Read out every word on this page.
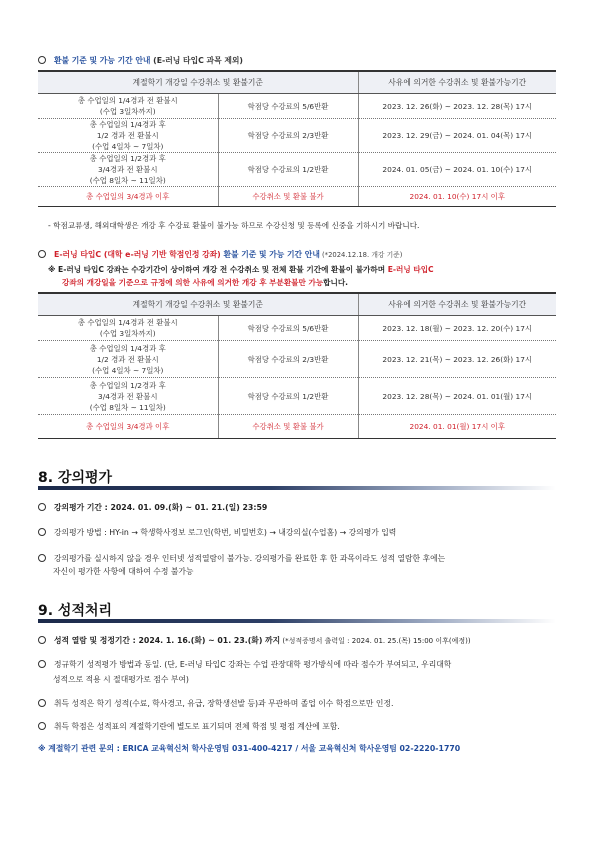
환불 기준 및 가능 기간 안내 (E-러닝 타입C 과목 제외)
계절학기 개강일 수강취소 및 환불기준		사유에 의거한 수강취소 및 환불가능기간

총 수업일의 1/4경과 전 환불시
(수업 3일차까지)	학점당 수강료의 5/6반환	2023. 12. 26(화) ~ 2023. 12. 28(목) 17시

총 수업일의 1/4경과 후
1/2 경과 전 환불시
(수업 4일차 ~ 7일차)	학점당 수강료의 2/3반환	2023. 12. 29(금) ~ 2024. 01. 04(목) 17시

총 수업일의 1/2경과 후
3/4경과 전 환불시
(수업 8일차 ~ 11일차)	학점당 수강료의 1/2반환	2024. 01. 05(금) ~ 2024. 01. 10(수) 17시
총 수업일의 3/4경과 이후	수강취소 및 환불 불가	2024. 01. 10(수) 17시 이후
- 학점교류생, 해외대학생은 개강 후 수강료 환불이 불가능 하므로 수강신청 및 등록에 신중을 기하시기 바랍니다.
E-러닝 타입C (대학 e-러닝 기반 학점인정 강좌) 환불 기준 및 가능 기간 안내 (*2024.12.18. 개강 기준)
※ E-러닝 타입C 강좌는 수강기간이 상이하여 개강 전 수강취소 및 전체 환불 기간에 환불이 불가하며 E-러닝 타입C
강좌의 개강일을 기준으로 규정에 의한 사유에 의거한 개강 후 부분환불만 가능합니다.
계절학기 개강일 수강취소 및 환불기준		사유에 의거한 수강취소 및 환불가능기간

총 수업일의 1/4경과 전 환불시
(수업 3일차까지)	학점당 수강료의 5/6반환	2023. 12. 18(월) ~ 2023. 12. 20(수) 17시

총 수업일의 1/4경과 후
1/2 경과 전 환불시
(수업 4일차 ~ 7일차)	학점당 수강료의 2/3반환	2023. 12. 21(목) ~ 2023. 12. 26(화) 17시

총 수업일의 1/2경과 후
3/4경과 전 환불시
(수업 8일차 ~ 11일차)	학점당 수강료의 1/2반환	2023. 12. 28(목) ~ 2024. 01. 01(월) 17시
총 수업일의 3/4경과 이후	수강취소 및 환불 불가	2024. 01. 01(월) 17시 이후
8. 강의평가
강의평가 기간 : 2024. 01. 09.(화) ~ 01. 21.(일) 23:59
강의평가 방법 : HY-in → 학생학사정보 로그인(학번, 비밀번호) → 내강의실(수업홈) → 강의평가 입력
강의평가를 실시하지 않을 경우 인터넷 성적열람이 불가능. 강의평가를 완료한 후 한 과목이라도 성적 열람한 후에는
자신이 평가한 사항에 대하여 수정 불가능
9. 성적처리
성적 열람 및 정정기간 : 2024. 1. 16.(화) ~ 01. 23.(화) 까지 (*성적증명서 출력일 : 2024. 01. 25.(목) 15:00 이후(예정))
정규학기 성적평가 방법과 동일. (단, E-러닝 타입C 강좌는 수업 관장대학 평가방식에 따라 점수가 부여되고, 우리대학
성적으로 적용 시 절대평가로 점수 부여)
취득 성적은 학기 성적(수료, 학사경고, 유급, 장학생선발 등)과 무관하며 졸업 이수 학점으로만 인정.
취득 학점은 성적표의 계절학기란에 별도로 표기되며 전체 학점 및 평점 계산에 포함.
※ 계절학기 관련 문의 : ERICA 교육혁신처 학사운영팀 031-400-4217 / 서울 교육혁신처 학사운영팀 02-2220-1770
